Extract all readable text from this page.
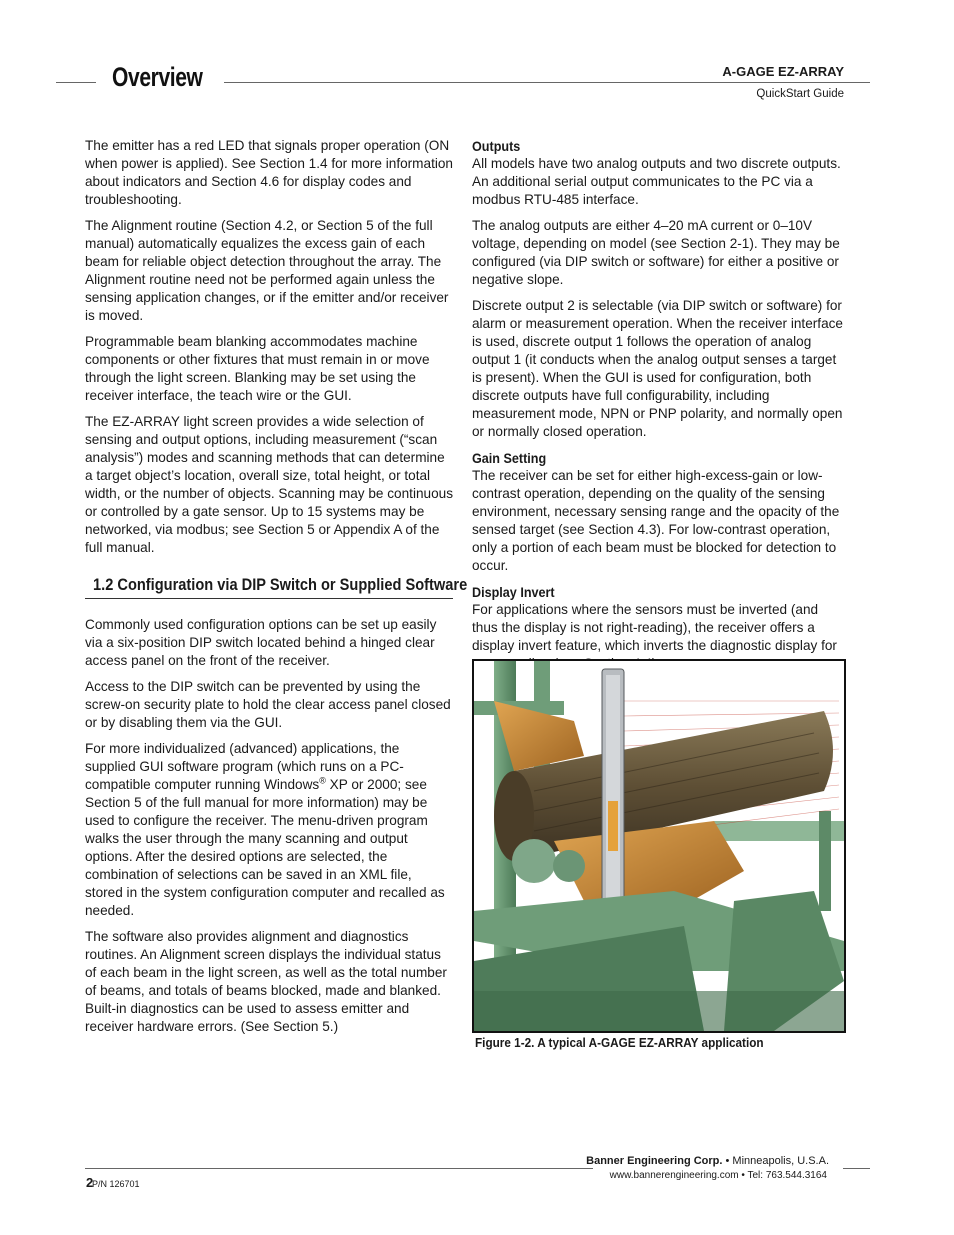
Overview	A-GAGE EZ-ARRAY
QuickStart Guide

The emitter has a red LED that signals proper operation (ON when power is applied). See Section 1.4 for more information about indicators and Section 4.6 for display codes and troubleshooting.

The Alignment routine (Section 4.2, or Section 5 of the full manual) automatically equalizes the excess gain of each beam for reliable object detection throughout the array. The Alignment routine need not be performed again unless the sensing application changes, or if the emitter and/or receiver is moved.

Programmable beam blanking accommodates machine components or other fixtures that must remain in or move through the light screen. Blanking may be set using the receiver interface, the teach wire or the GUI.

The EZ-ARRAY light screen provides a wide selection of sensing and output options, including measurement (“scan analysis”) modes and scanning methods that can determine a target object’s location, overall size, total height, or total width, or the number of objects. Scanning may be continuous or controlled by a gate sensor. Up to 15 systems may be networked, via modbus; see Section 5 or Appendix A of the full manual.

1.2 Configuration via DIP Switch or Supplied Software

Commonly used configuration options can be set up easily via a six-position DIP switch located behind a hinged clear access panel on the front of the receiver.

Access to the DIP switch can be prevented by using the screw-on security plate to hold the clear access panel closed or by disabling them via the GUI.

For more individualized (advanced) applications, the supplied GUI software program (which runs on a PC-compatible computer running Windows® XP or 2000; see Section 5 of the full manual for more information) may be used to configure the receiver. The menu-driven program walks the user through the many scanning and output options. After the desired options are selected, the combination of selections can be saved in an XML file, stored in the system configuration computer and recalled as needed.

The software also provides alignment and diagnostics routines. An Alignment screen displays the individual status of each beam in the light screen, as well as the total number of beams, and totals of beams blocked, made and blanked. Built-in diagnostics can be used to assess emitter and receiver hardware errors. (See Section 5.)

Outputs

All models have two analog outputs and two discrete outputs. An additional serial output communicates to the PC via a modbus RTU-485 interface.

The analog outputs are either 4–20 mA current or 0–10V voltage, depending on model (see Section 2-1). They may be configured (via DIP switch or software) for either a positive or negative slope.

Discrete output 2 is selectable (via DIP switch or software) for alarm or measurement operation. When the receiver interface is used, discrete output 1 follows the operation of analog output 1 (it conducts when the analog output senses a target is present). When the GUI is used for configuration, both discrete outputs have full configurability, including measurement mode, NPN or PNP polarity, and normally open or normally closed operation.

Gain Setting

The receiver can be set for either high-excess-gain or low-contrast operation, depending on the quality of the sensing environment, necessary sensing range and the opacity of the sensed target (see Section 4.3). For low-contrast operation, only a portion of each beam must be blocked for detection to occur.

Display Invert

For applications where the sensors must be inverted (and thus the display is not right-reading), the receiver offers a display invert feature, which inverts the diagnostic display for

Figure 1-2. A typical A-GAGE EZ-ARRAY application
Banner Engineering Corp. • Minneapolis, U.S.A.
www.bannerengineering.com • Tel: 763.544.3164
2
P/N 126701
